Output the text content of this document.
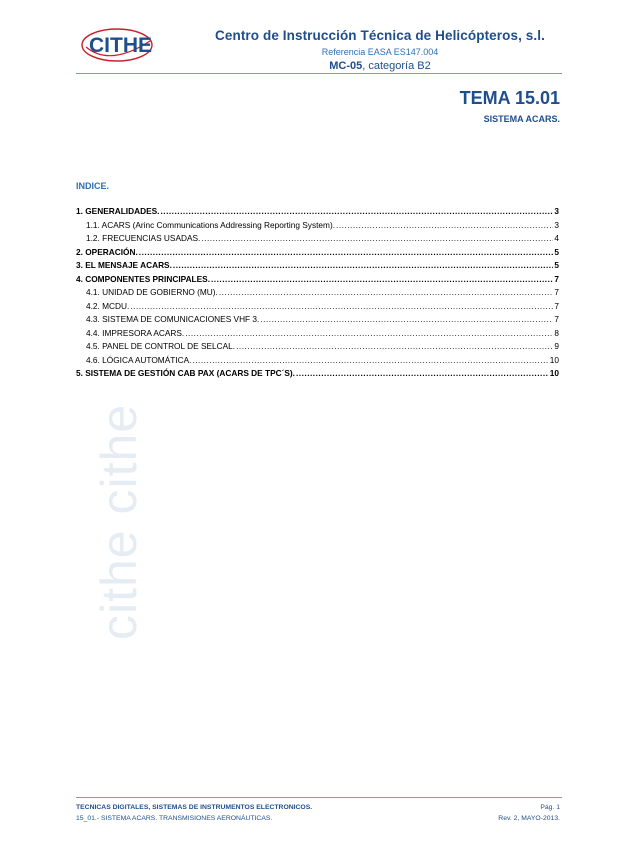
CITHE	Centro de Instrucción Técnica de Helicópteros, s.l.
Referencia EASA ES147.004
MC-05, categoría B2
TEMA 15.01
SISTEMA ACARS.
cithe cithe
INDICE.
1. GENERALIDADES. .....	3
1.1. ACARS (Arinc Communications Addressing Reporting System). .....	3
1.2. FRECUENCIAS USADAS. .....	4
2. OPERACIÓN. .....	5
3. EL MENSAJE ACARS. .....	5
4. COMPONENTES PRINCIPALES. .....	7
4.1. UNIDAD DE GOBIERNO (MU). .....	7
4.2. MCDU. .....	7
4.3. SISTEMA DE COMUNICACIONES VHF 3. .....	7
4.4. IMPRESORA ACARS. .....	8
4.5. PANEL DE CONTROL DE SELCAL. .....	9
4.6. LÓGICA AUTOMÁTICA. .....	10
5. SISTEMA DE GESTIÓN CAB PAX (ACARS DE TPC´S). .....	10
TECNICAS DIGITALES, SISTEMAS DE INSTRUMENTOS ELECTRONICOS.
15_01.- SISTEMA ACARS. TRANSMISIONES AERONÁUTICAS.
Pág. 1
Rev. 2, MAYO-2013.
